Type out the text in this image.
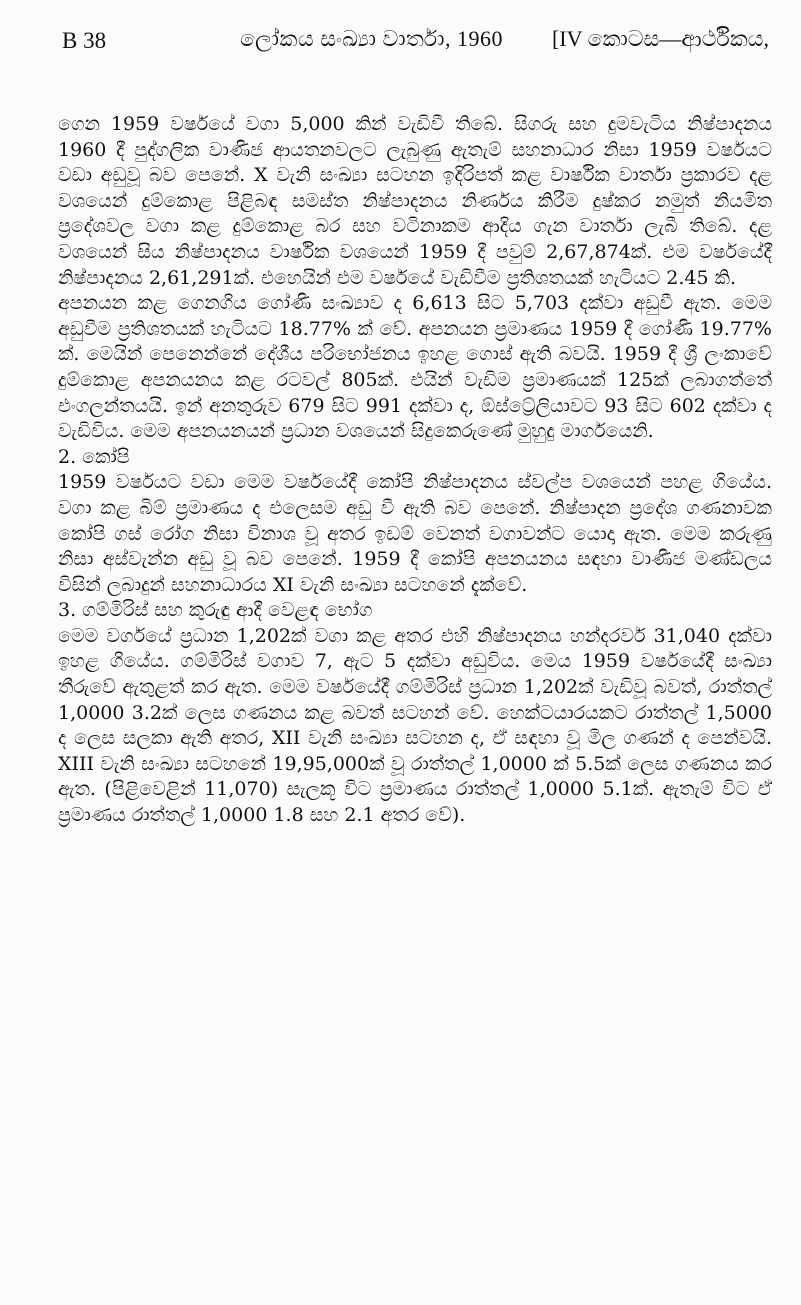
B 38	ලෝකය සංඛ්‍යා වාර්තා, 1960 [IV කොටස—ආර්ථිකය,

ගෙන 1959 වර්ෂයේ වගා 5,000 කින් වැඩිවී තිබේ. සිගරු සහ දුමවැටිය නිෂ්පාදනය 1960 දී පුද්ගලික වාණිජ ආයතනවලට ලැබුණු ඇතැම් සහනාධාර නිසා 1959 වර්ෂයට වඩා අඩුවූ බව පෙනේ. X වැනි සංඛ්‍යා සටහන ඉදිරිපත් කළ වාර්ෂික වාර්තා ප්‍රකාරව දළ වශයෙන් දුම්කොළ පිළිබඳ සමස්ත නිෂ්පාදනය නිර්ණය කිරීම දුෂ්කර නමුත් නියමිත ප්‍රදේශවල වගා කළ දුම්කොළ බර සහ වටිනාකම ආදිය ගැන වාර්තා ලැබී තිබේ. දළ වශයෙන් සිය නිෂ්පාදනය වාර්ෂික වශයෙන් 1959 දී පවුම් 2,67,874ක්. එම වර්ෂයේදී නිෂ්පාදනය 2,61,291ක්. එහෙයින් එම වර්ෂයේ වැඩිවීම ප්‍රතිශතයක් හැටියට 2.45 කි.

අපනයන කළ ගෙනගිය ගෝණි සංඛ්‍යාව ද 6,613 සිට 5,703 දක්වා අඩුවී ඇත. මෙම අඩුවීම ප්‍රතිශතයක් හැටියට 18.77% ක් වේ. අපනයන ප්‍රමාණය 1959 දී ගෝණි 19.77% ක්. මෙයින් පෙනෙන්නේ දේශීය පරිභෝජනය ඉහළ ගොස් ඇති බවයි. 1959 දී ශ්‍රී ලංකාවේ දුම්කොළ අපනයනය කළ රටවල් 805ක්. එයින් වැඩිම ප්‍රමාණයක් 125ක් ලබාගත්තේ එංගලන්තයයි. ඉන් අනතුරුව 679 සිට 991 දක්වා ද, ඕස්ට්‍රේලියාවට 93 සිට 602 දක්වා ද වැඩිවිය. මෙම අපනයනයන් ප්‍රධාන වශයෙන් සිදුකෙරුණේ මුහුදු මාර්ගයෙනි.

2. කෝපි

1959 වර්ෂයට වඩා මෙම වර්ෂයේදී කෝපි නිෂ්පාදනය ස්වල්ප වශයෙන් පහළ ගියේය. වගා කළ බිම් ප්‍රමාණය ද එලෙසම අඩු වී ඇති බව පෙනේ. නිෂ්පාදන ප්‍රදේශ ගණනාවක කෝපි ගස් රෝග නිසා විනාශ වූ අතර ඉඩම් වෙනත් වගාවන්ට යොදා ඇත. මෙම කරුණු නිසා අස්වැන්න අඩු වූ බව පෙනේ. 1959 දී කෝපි අපනයනය සඳහා වාණිජ මණ්ඩලය විසින් ලබාදුන් සහනාධාරය XI වැනි සංඛ්‍යා සටහනේ දැක්වේ.

3. ගම්මිරිස් සහ කුරුඳු ආදී වෙළඳ භෝග

මෙම වර්ගයේ ප්‍රධාන 1,202ක් වගා කළ අතර එහි නිෂ්පාදනය හන්දරවර් 31,040 දක්වා ඉහළ ගියේය. ගම්මිරිස් වගාව 7, ඇට 5 දක්වා අඩුවිය. මෙය 1959 වර්ෂයේදී සංඛ්‍යා තීරුවේ ඇතුළත් කර ඇත. මෙම වර්ෂයේදී ගම්මිරිස් ප්‍රධාන 1,202ක් වැඩිවූ බවත්, රාත්තල් 1,0000 3.2ක් ලෙස ගණනය කළ බවත් සටහන් වේ. හෙක්ටයාරයකට රාත්තල් 1,5000 ද ලෙස සලකා ඇති අතර, XII වැනි සංඛ්‍යා සටහන ද, ඒ සඳහා වූ මිල ගණන් ද පෙන්වයි. XIII වැනි සංඛ්‍යා සටහනේ 19,95,000ක් වූ රාත්තල් 1,0000 ක් 5.5ක් ලෙස ගණනය කර ඇත. (පිළිවෙළින් 11,070) සැලකූ විට ප්‍රමාණය රාත්තල් 1,0000 5.1ක්. ඇතැම් විට ඒ ප්‍රමාණය රාත්තල් 1,0000 1.8 සහ 2.1 අතර වේ).
